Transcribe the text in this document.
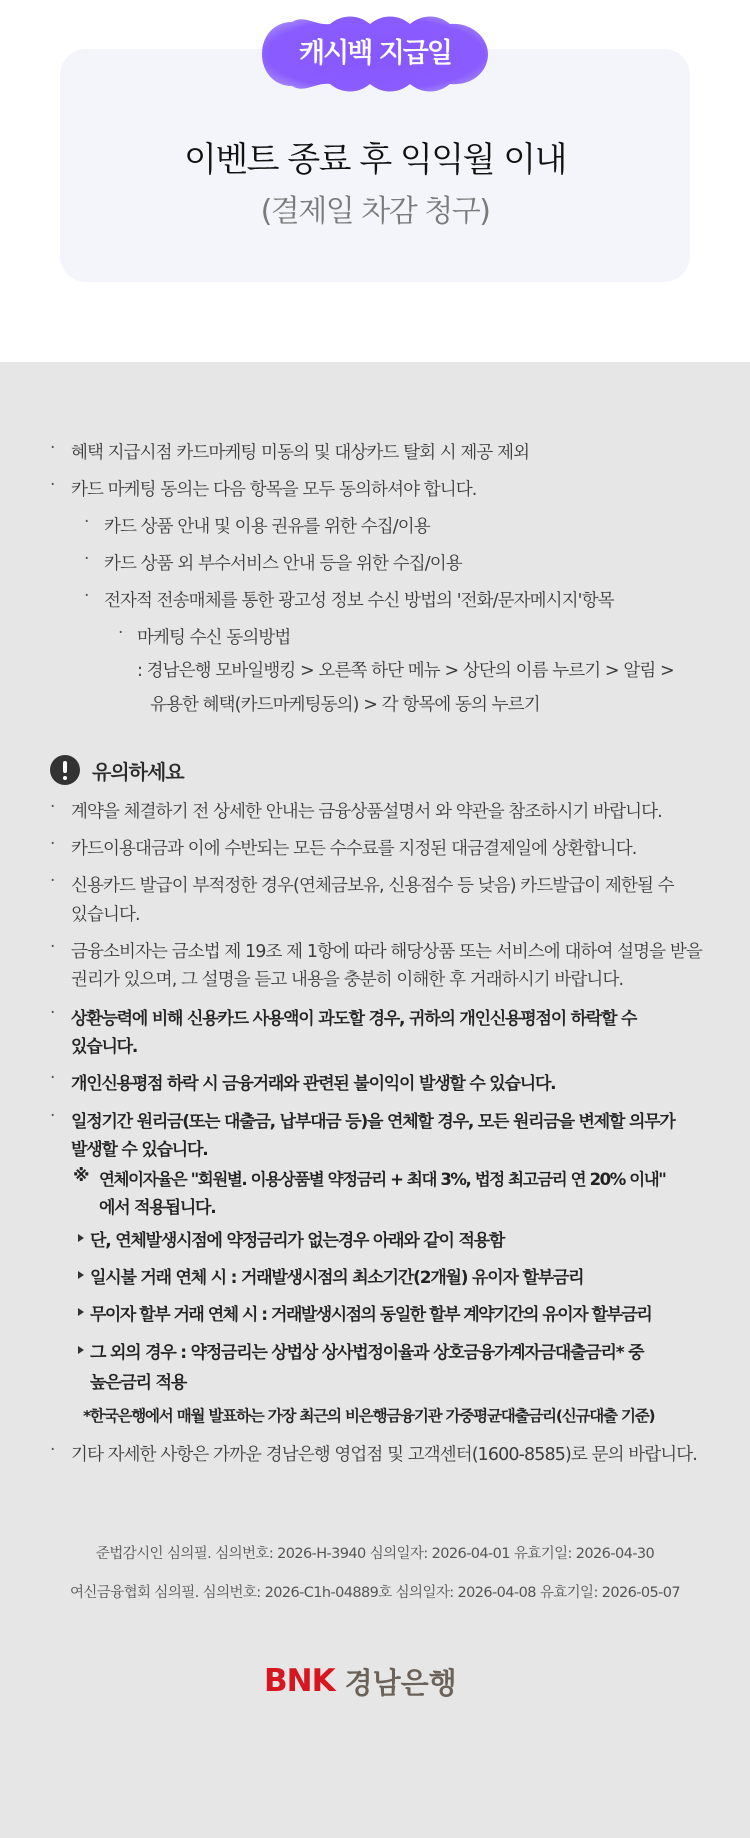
캐시백 지급일
이벤트 종료 후 익익월 이내
(결제일 차감 청구)
· 혜택 지급시점 카드마케팅 미동의 및 대상카드 탈회 시 제공 제외
· 카드 마케팅 동의는 다음 항목을 모두 동의하셔야 합니다.
· 카드 상품 안내 및 이용 권유를 위한 수집/이용
· 카드 상품 외 부수서비스 안내 등을 위한 수집/이용
· 전자적 전송매체를 통한 광고성 정보 수신 방법의 '전화/문자메시지'항목
· 마케팅 수신 동의방법
: 경남은행 모바일뱅킹 > 오른쪽 하단 메뉴 > 상단의 이름 누르기 > 알림 >
유용한 혜택(카드마케팅동의) > 각 항목에 동의 누르기
유의하세요
· 계약을 체결하기 전 상세한 안내는 금융상품설명서 와 약관을 참조하시기 바랍니다.
· 카드이용대금과 이에 수반되는 모든 수수료를 지정된 대금결제일에 상환합니다.
· 신용카드 발급이 부적정한 경우(연체금보유, 신용점수 등 낮음) 카드발급이 제한될 수
있습니다.
· 금융소비자는 금소법 제 19조 제 1항에 따라 해당상품 또는 서비스에 대하여 설명을 받을
권리가 있으며, 그 설명을 듣고 내용을 충분히 이해한 후 거래하시기 바랍니다.
· 상환능력에 비해 신용카드 사용액이 과도할 경우, 귀하의 개인신용평점이 하락할 수
있습니다.
· 개인신용평점 하락 시 금융거래와 관련된 불이익이 발생할 수 있습니다.
· 일정기간 원리금(또는 대출금, 납부대금 등)을 연체할 경우, 모든 원리금을 변제할 의무가
발생할 수 있습니다.
※ 연체이자율은 "회원별. 이용상품별 약정금리 + 최대 3%, 법정 최고금리 연 20% 이내"
에서 적용됩니다.
단, 연체발생시점에 약정금리가 없는경우 아래와 같이 적용함
일시불 거래 연체 시 : 거래발생시점의 최소기간(2개월) 유이자 할부금리
무이자 할부 거래 연체 시 : 거래발생시점의 동일한 할부 계약기간의 유이자 할부금리
그 외의 경우 : 약정금리는 상법상 상사법정이율과 상호금융가계자금대출금리* 중
높은금리 적용
*한국은행에서 매월 발표하는 가장 최근의 비은행금융기관 가중평균대출금리(신규대출 기준)
· 기타 자세한 사항은 가까운 경남은행 영업점 및 고객센터(1600-8585)로 문의 바랍니다.
준법감시인 심의필. 심의번호: 2026-H-3940 심의일자: 2026-04-01 유효기일: 2026-04-30
여신금융협회 심의필. 심의번호: 2026-C1h-04889호 심의일자: 2026-04-08 유효기일: 2026-05-07
BNK 경남은행
